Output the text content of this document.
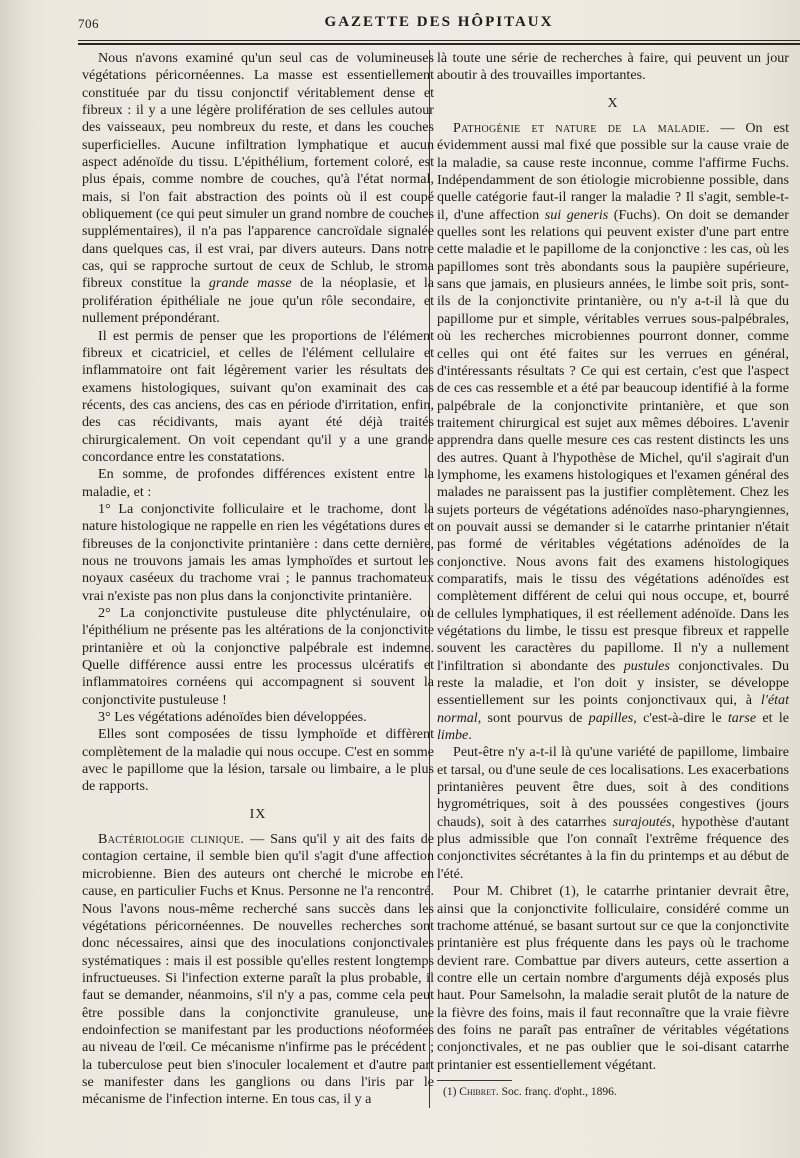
706	GAZETTE DES HÔPITAUX

Nous n'avons examiné qu'un seul cas de volumineuses végétations péricornéennes. La masse est essentiellement constituée par du tissu conjonctif véritablement dense et fibreux : il y a une légère prolifération de ses cellules autour des vaisseaux, peu nombreux du reste, et dans les couches superficielles. Aucune infiltration lymphatique et aucun aspect adénoïde du tissu. L'épithélium, fortement coloré, est plus épais, comme nombre de couches, qu'à l'état normal, mais, si l'on fait abstraction des points où il est coupé obliquement (ce qui peut simuler un grand nombre de couches supplémentaires), il n'a pas l'apparence cancroïdale signalée dans quelques cas, il est vrai, par divers auteurs. Dans notre cas, qui se rapproche surtout de ceux de Schlub, le stroma fibreux constitue la grande masse de la néoplasie, et la prolifération épithéliale ne joue qu'un rôle secondaire, et nullement prépondérant.

Il est permis de penser que les proportions de l'élément fibreux et cicatriciel, et celles de l'élément cellulaire et inflammatoire ont fait légèrement varier les résultats des examens histologiques, suivant qu'on examinait des cas récents, des cas anciens, des cas en période d'irritation, enfin, des cas récidivants, mais ayant été déjà traités chirurgicalement. On voit cependant qu'il y a une grande concordance entre les constatations.

En somme, de profondes différences existent entre la maladie, et :

1° La conjonctivite folliculaire et le trachome, dont la nature histologique ne rappelle en rien les végétations dures et fibreuses de la conjonctivite printanière : dans cette dernière, nous ne trouvons jamais les amas lymphoïdes et surtout les noyaux caséeux du trachome vrai ; le pannus trachomateux vrai n'existe pas non plus dans la conjonctivite printanière.

2° La conjonctivite pustuleuse dite phlycténulaire, où l'épithélium ne présente pas les altérations de la conjonctivite printanière et où la conjonctive palpébrale est indemne. Quelle différence aussi entre les processus ulcératifs et inflammatoires cornéens qui accompagnent si souvent la conjonctivite pustuleuse !

3° Les végétations adénoïdes bien développées.

Elles sont composées de tissu lymphoïde et diffèrent complètement de la maladie qui nous occupe. C'est en somme avec le papillome que la lésion, tarsale ou limbaire, a le plus de rapports.

IX

Bactériologie clinique. — Sans qu'il y ait des faits de contagion certaine, il semble bien qu'il s'agit d'une affection microbienne. Bien des auteurs ont cherché le microbe en cause, en particulier Fuchs et Knus. Personne ne l'a rencontré. Nous l'avons nous-même recherché sans succès dans les végétations péricornéennes. De nouvelles recherches sont donc nécessaires, ainsi que des inoculations conjonctivales systématiques : mais il est possible qu'elles restent longtemps infructueuses. Si l'infection externe paraît la plus probable, il faut se demander, néanmoins, s'il n'y a pas, comme cela peut être possible dans la conjonctivite granuleuse, une endoinfection se manifestant par les productions néoformées au niveau de l'œil. Ce mécanisme n'infirme pas le précédent ; la tuberculose peut bien s'inoculer localement et d'autre part se manifester dans les ganglions ou dans l'iris par le mécanisme de l'infection interne. En tous cas, il y a

là toute une série de recherches à faire, qui peuvent un jour aboutir à des trouvailles importantes.

X

Pathogénie et nature de la maladie. — On est évidemment aussi mal fixé que possible sur la cause vraie de la maladie, sa cause reste inconnue, comme l'affirme Fuchs. Indépendamment de son étiologie microbienne possible, dans quelle catégorie faut-il ranger la maladie ? Il s'agit, semble-t-il, d'une affection sui generis (Fuchs). On doit se demander quelles sont les relations qui peuvent exister d'une part entre cette maladie et le papillome de la conjonctive : les cas, où les papillomes sont très abondants sous la paupière supérieure, sans que jamais, en plusieurs années, le limbe soit pris, sont-ils de la conjonctivite printanière, ou n'y a-t-il là que du papillome pur et simple, véritables verrues sous-palpébrales, où les recherches microbiennes pourront donner, comme celles qui ont été faites sur les verrues en général, d'intéressants résultats ? Ce qui est certain, c'est que l'aspect de ces cas ressemble et a été par beaucoup identifié à la forme palpébrale de la conjonctivite printanière, et que son traitement chirurgical est sujet aux mêmes déboires. L'avenir apprendra dans quelle mesure ces cas restent distincts les uns des autres. Quant à l'hypothèse de Michel, qu'il s'agirait d'un lymphome, les examens histologiques et l'examen général des malades ne paraissent pas la justifier complètement. Chez les sujets porteurs de végétations adénoïdes naso-pharyngiennes, on pouvait aussi se demander si le catarrhe printanier n'était pas formé de véritables végétations adénoïdes de la conjonctive. Nous avons fait des examens histologiques comparatifs, mais le tissu des végétations adénoïdes est complètement différent de celui qui nous occupe, et, bourré de cellules lymphatiques, il est réellement adénoïde. Dans les végétations du limbe, le tissu est presque fibreux et rappelle souvent les caractères du papillome. Il n'y a nullement l'infiltration si abondante des pustules conjonctivales. Du reste la maladie, et l'on doit y insister, se développe essentiellement sur les points conjonctivaux qui, à l'état normal, sont pourvus de papilles, c'est-à-dire le tarse et le limbe.

Peut-être n'y a-t-il là qu'une variété de papillome, limbaire et tarsal, ou d'une seule de ces localisations. Les exacerbations printanières peuvent être dues, soit à des conditions hygrométriques, soit à des poussées congestives (jours chauds), soit à des catarrhes surajoutés, hypothèse d'autant plus admissible que l'on connaît l'extrême fréquence des conjonctivites sécrétantes à la fin du printemps et au début de l'été.

Pour M. Chibret (1), le catarrhe printanier devrait être, ainsi que la conjonctivite folliculaire, considéré comme un trachome atténué, se basant surtout sur ce que la conjonctivite printanière est plus fréquente dans les pays où le trachome devient rare. Combattue par divers auteurs, cette assertion a contre elle un certain nombre d'arguments déjà exposés plus haut. Pour Samelsohn, la maladie serait plutôt de la nature de la fièvre des foins, mais il faut reconnaître que la vraie fièvre des foins ne paraît pas entraîner de véritables végétations conjonctivales, et ne pas oublier que le soi-disant catarrhe printanier est essentiellement végétant.

(1) Chibret. Soc. franç. d'opht., 1896.
